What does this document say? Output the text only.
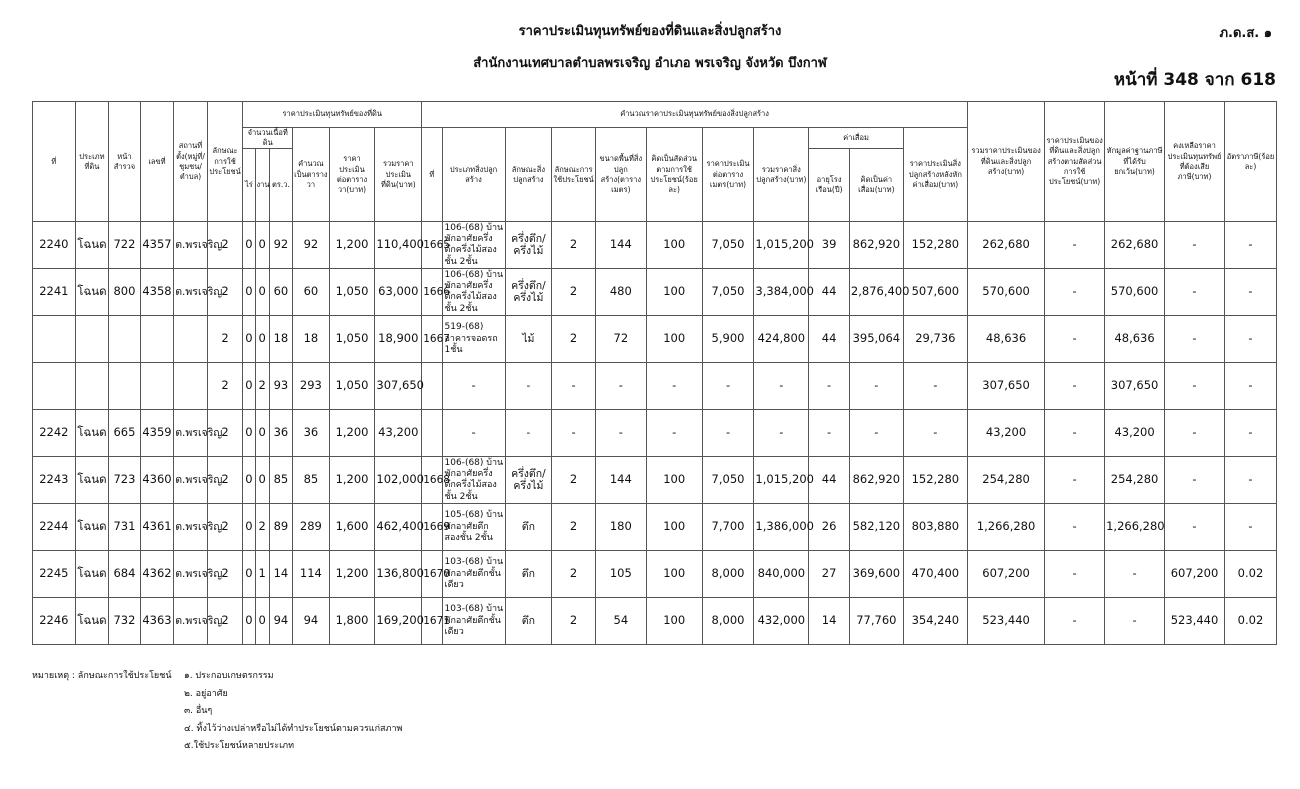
ราคาประเมินทุนทรัพย์ของที่ดินและสิ่งปลูกสร้าง
สำนักงานเทศบาลตำบลพรเจริญ อำเภอ พรเจริญ จังหวัด บึงกาฬ
ภ.ด.ส. ๑
หน้าที่ 348 จาก 618
ที่	ประเภทที่ดิน	หน้าสำรวจ	เลขที่	สถานที่ตั้ง(หมู่ที่/ชุมชน/ตำบล)	ลักษณะการใช้ประโยชน์	ราคาประเมินทุนทรัพย์ของที่ดิน						คำนวณราคาประเมินทุนทรัพย์ของสิ่งปลูกสร้าง											รวมราคาประเมินของที่ดินและสิ่งปลูกสร้าง(บาท)	ราคาประเมินของที่ดินและสิ่งปลูกสร้างตามสัดส่วนการใช้ประโยชน์(บาท)	หักมูลค่าฐานภาษีที่ได้รับยกเว้น(บาท)	คงเหลือราคาประเมินทุนทรัพย์ที่ต้องเสียภาษี(บาท)	อัตราภาษี(ร้อยละ)
						จำนวนเนื้อที่ดิน			คำนวณเป็นตารางวา	ราคาประเมินต่อตารางวา(บาท)	รวมราคาประเมินที่ดิน(บาท)	ที่	ประเภทสิ่งปลูกสร้าง	ลักษณะสิ่งปลูกสร้าง	ลักษณะการใช้ประโยชน์	ขนาดพื้นที่สิ่งปลูกสร้าง(ตารางเมตร)	คิดเป็นสัดส่วนตามการใช้ประโยชน์(ร้อยละ)	ราคาประเมินต่อตารางเมตร(บาท)	รวมราคาสิ่งปลูกสร้าง(บาท)	ค่าเสื่อม		ราคาประเมินสิ่งปลูกสร้างหลังหักค่าเสื่อม(บาท)					
						ไร่	งาน	ตร.ว.												อายุโรงเรือน(ปี)	คิดเป็นค่าเสื่อม(บาท)						
2240	โฉนด	722	4357	ต.พรเจริญ	2	0	0	92	92	1,200	110,400	1665	106-(68) บ้านพักอาศัยครึ่งตึกครึ่งไม้สองชั้น 2ชั้น	ครึ่งตึก/ครึ่งไม้	2	144	100	7,050	1,015,200	39	862,920	152,280	262,680	-	262,680	-	-
2241	โฉนด	800	4358	ต.พรเจริญ	2	0	0	60	60	1,050	63,000	1666	106-(68) บ้านพักอาศัยครึ่งตึกครึ่งไม้สองชั้น 2ชั้น	ครึ่งตึก/ครึ่งไม้	2	480	100	7,050	3,384,000	44	2,876,400	507,600	570,600	-	570,600	-	-
					2	0	0	18	18	1,050	18,900	1667	519-(68) อาคารจอดรถ 1ชั้น	ไม้	2	72	100	5,900	424,800	44	395,064	29,736	48,636	-	48,636	-	-
					2	0	2	93	293	1,050	307,650		-	-	-	-	-	-	-	-	-	-	307,650	-	307,650	-	-
2242	โฉนด	665	4359	ต.พรเจริญ	2	0	0	36	36	1,200	43,200		-	-	-	-	-	-	-	-	-	-	43,200	-	43,200	-	-
2243	โฉนด	723	4360	ต.พรเจริญ	2	0	0	85	85	1,200	102,000	1668	106-(68) บ้านพักอาศัยครึ่งตึกครึ่งไม้สองชั้น 2ชั้น	ครึ่งตึก/ครึ่งไม้	2	144	100	7,050	1,015,200	44	862,920	152,280	254,280	-	254,280	-	-
2244	โฉนด	731	4361	ต.พรเจริญ	2	0	2	89	289	1,600	462,400	1669	105-(68) บ้านพักอาศัยตึกสองชั้น 2ชั้น	ตึก	2	180	100	7,700	1,386,000	26	582,120	803,880	1,266,280	-	1,266,280	-	-
2245	โฉนด	684	4362	ต.พรเจริญ	2	0	1	14	114	1,200	136,800	1670	103-(68) บ้านพักอาศัยตึกชั้นเดียว	ตึก	2	105	100	8,000	840,000	27	369,600	470,400	607,200	-	-	607,200	0.02
2246	โฉนด	732	4363	ต.พรเจริญ	2	0	0	94	94	1,800	169,200	1671	103-(68) บ้านพักอาศัยตึกชั้นเดียว	ตึก	2	54	100	8,000	432,000	14	77,760	354,240	523,440	-	-	523,440	0.02
หมายเหตุ : ลักษณะการใช้ประโยชน์ ๑. ประกอบเกษตรกรรม
๒. อยู่อาศัย
๓. อื่นๆ
๔. ทิ้งไว้ว่างเปล่าหรือไม่ได้ทำประโยชน์ตามควรแก่สภาพ
๕.ใช้ประโยชน์หลายประเภท
